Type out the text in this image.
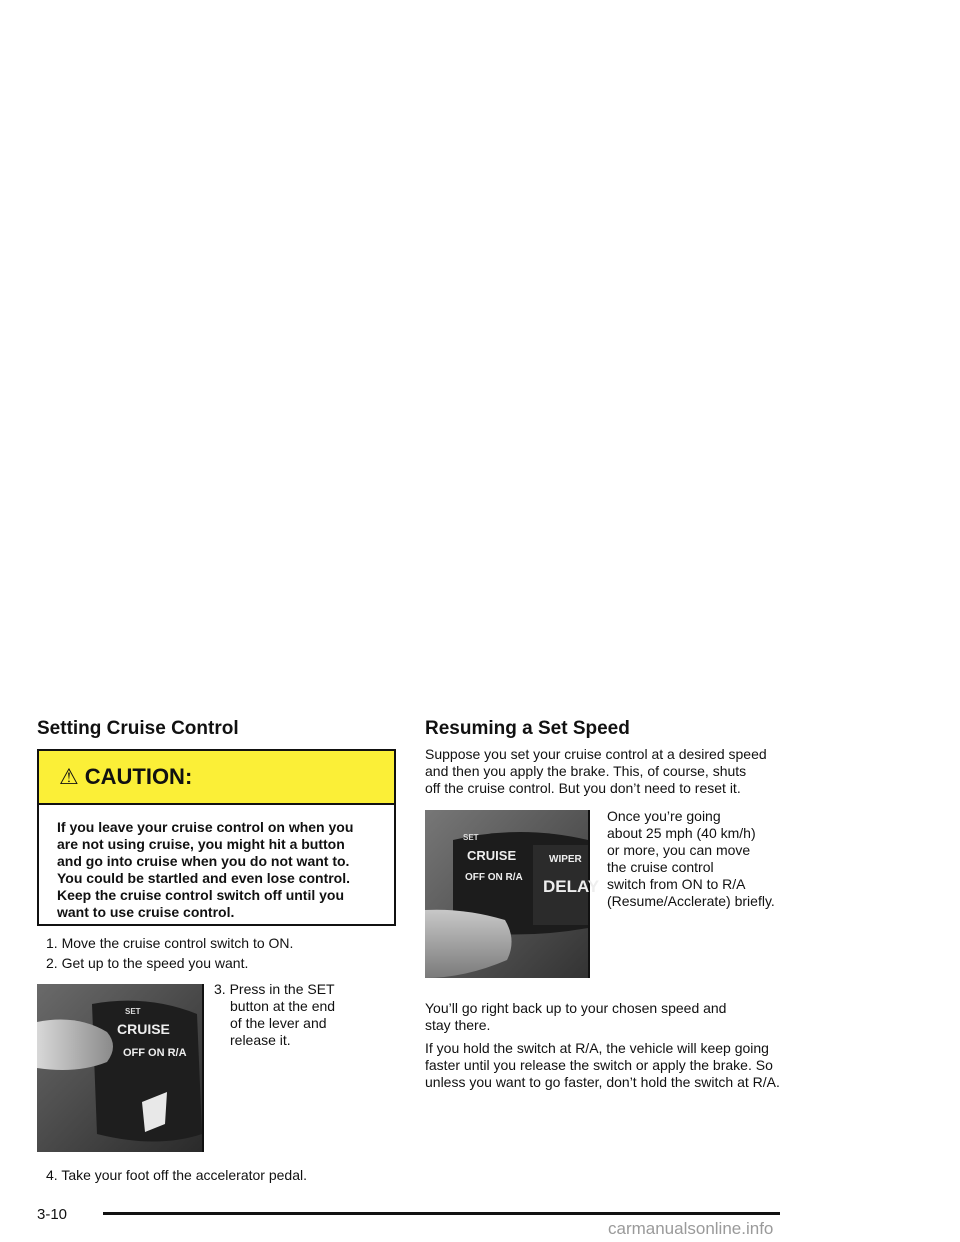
Setting Cruise Control
⚠ CAUTION:
If you leave your cruise control on when you
are not using cruise, you might hit a button
and go into cruise when you do not want to.
You could be startled and even lose control.
Keep the cruise control switch off until you
want to use cruise control.
1. Move the cruise control switch to ON.
2. Get up to the speed you want.
3. Press in the SET
button at the end
of the lever and
release it.
SET
CRUISE
OFF ON R/A
4. Take your foot off the accelerator pedal.
Resuming a Set Speed
Suppose you set your cruise control at a desired speed
and then you apply the brake. This, of course, shuts
off the cruise control. But you don’t need to reset it.
SET
CRUISE
OFF ON R/A
WIPER
DELAY
Once you’re going
about 25 mph (40 km/h)
or more, you can move
the cruise control
switch from ON to R/A
(Resume/Acclerate) briefly.
You’ll go right back up to your chosen speed and
stay there.
If you hold the switch at R/A, the vehicle will keep going
faster until you release the switch or apply the brake. So
unless you want to go faster, don’t hold the switch at R/A.
3-10
carmanualsonline.info
